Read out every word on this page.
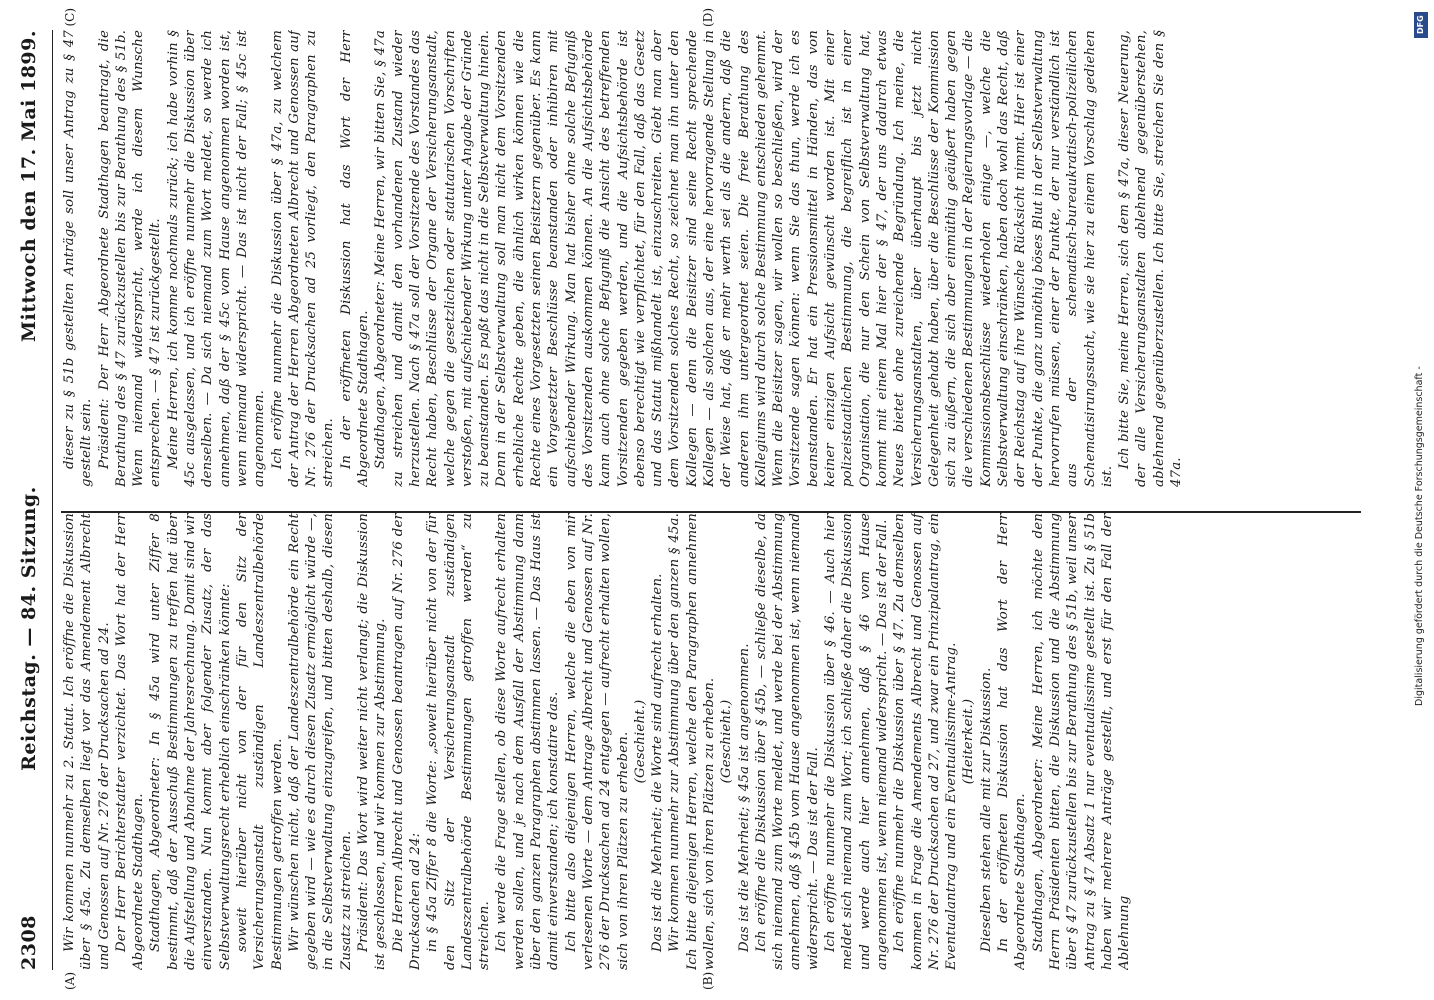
2308
Reichstag. — 84. Sitzung.
Mittwoch den 17. Mai 1899.

Wir kommen nunmehr zu 2. Statut. Ich eröffne die Diskussion über § 45a. Zu demselben liegt vor das Amendement Albrecht und Genossen auf Nr. 276 der Drucksachen ad 24. Der Herr Berichterstatter verzichtet. Das Wort hat der Herr Abgeordnete Stadthagen. Stadthagen, Abgeordneter: In § 45a wird unter Ziffer 8 bestimmt, daß der Ausschuß Bestimmungen zu treffen hat über die Aufstellung und Abnahme der Jahresrechnung. Damit sind wir einverstanden. Nun kommt aber folgender Zusatz, der das Selbstverwaltungsrecht erheblich einschränken könnte: soweit hierüber nicht von der für den Sitz der Versicherungsanstalt zuständigen Landeszentralbehörde Bestimmungen getroffen werden. Wir wünschen nicht, daß der Landeszentralbehörde ein Recht gegeben wird — wie es durch diesen Zusatz ermöglicht würde —, in die Selbstverwaltung einzugreifen, und bitten deshalb, diesen Zusatz zu streichen. Präsident: Das Wort wird weiter nicht verlangt; die Diskussion ist geschlossen, und wir kommen zur Abstimmung. Die Herren Albrecht und Genossen beantragen auf Nr. 276 der Drucksachen ad 24: in § 45a Ziffer 8 die Worte: „soweit hierüber nicht von der für den Sitz der Versicherungsanstalt zuständigen Landeszentralbehörde Bestimmungen getroffen werden“ zu streichen. Ich werde die Frage stellen, ob diese Worte aufrecht erhalten werden sollen, und je nach dem Ausfall der Abstimmung dann über den ganzen Paragraphen abstimmen lassen. — Das Haus ist damit einverstanden; ich konstatire das. Ich bitte also diejenigen Herren, welche die eben von mir verlesenen Worte — dem Antrage Albrecht und Genossen auf Nr. 276 der Drucksachen ad 24 entgegen — aufrecht erhalten wollen, sich von ihren Plätzen zu erheben. (Geschieht.) Das ist die Mehrheit; die Worte sind aufrecht erhalten. Wir kommen nunmehr zur Abstimmung über den ganzen § 45a. Ich bitte diejenigen Herren, welche den Paragraphen annehmen wollen, sich von ihren Plätzen zu erheben. (Geschieht.) Das ist die Mehrheit; § 45a ist angenommen. Ich eröffne die Diskussion über § 45b, — schließe dieselbe, da sich niemand zum Worte meldet, und werde bei der Abstimmung annehmen, daß § 45b vom Hause angenommen ist, wenn niemand widerspricht. — Das ist der Fall. Ich eröffne nunmehr die Diskussion über § 46. — Auch hier meldet sich niemand zum Wort; ich schließe daher die Diskussion und werde auch hier annehmen, daß § 46 vom Hause angenommen ist, wenn niemand widerspricht. — Das ist der Fall. Ich eröffne nunmehr die Diskussion über § 47. Zu demselben kommen in Frage die Amendements Albrecht und Genossen auf Nr. 276 der Drucksachen ad 27, und zwar ein Prinzipalantrag, ein Eventualantrag und ein Eventualissime-Antrag. (Heiterkeit.) Dieselben stehen alle mit zur Diskussion. In der eröffneten Diskussion hat das Wort der Herr Abgeordnete Stadthagen. Stadthagen, Abgeordneter: Meine Herren, ich möchte den Herrn Präsidenten bitten, die Diskussion und die Abstimmung über § 47 zurückzustellen bis zur Berathung des § 51b, weil unser Antrag zu § 47 Absatz 1 nur eventualissime gestellt ist. Zu § 51b haben wir mehrere Anträge gestellt, und erst für den Fall der Ablehnung

dieser zu § 51b gestellten Anträge soll unser Antrag zu § 47 gestellt sein. Präsident: Der Herr Abgeordnete Stadthagen beantragt, die Berathung des § 47 zurückzustellen bis zur Berathung des § 51b. Wenn niemand widerspricht, werde ich diesem Wunsche entsprechen. — § 47 ist zurückgestellt. Meine Herren, ich komme nochmals zurück; ich habe vorhin § 45c ausgelassen, und ich eröffne nunmehr die Diskussion über denselben. — Da sich niemand zum Wort meldet, so werde ich annehmen, daß der § 45c vom Hause angenommen worden ist, wenn niemand widerspricht. — Das ist nicht der Fall; § 45c ist angenommen. Ich eröffne nunmehr die Diskussion über § 47a, zu welchem der Antrag der Herren Abgeordneten Albrecht und Genossen auf Nr. 276 der Drucksachen ad 25 vorliegt, den Paragraphen zu streichen. In der eröffneten Diskussion hat das Wort der Herr Abgeordnete Stadthagen. Stadthagen, Abgeordneter: Meine Herren, wir bitten Sie, § 47a zu streichen und damit den vorhandenen Zustand wieder herzustellen. Nach § 47a soll der Vorsitzende des Vorstandes das Recht haben, Beschlüsse der Organe der Versicherungsanstalt, welche gegen die gesetzlichen oder statutarischen Vorschriften verstoßen, mit aufschiebender Wirkung unter Angabe der Gründe zu beanstanden. Es paßt das nicht in die Selbstverwaltung hinein. Denn in der Selbstverwaltung soll man nicht dem Vorsitzenden erhebliche Rechte geben, die ähnlich wirken können wie die Rechte eines Vorgesetzten seinen Beisitzern gegenüber. Es kann ein Vorgesetzter Beschlüsse beanstanden oder inhibiren mit aufschiebender Wirkung. Man hat bisher ohne solche Befugniß des Vorsitzenden auskommen können. An die Aufsichtsbehörde kann auch ohne solche Befugniß die Ansicht des betreffenden Vorsitzenden gegeben werden, und die Aufsichtsbehörde ist ebenso berechtigt wie verpflichtet, für den Fall, daß das Gesetz und das Statut mißhandelt ist, einzuschreiten. Giebt man aber dem Vorsitzenden solches Recht, so zeichnet man ihn unter den Kollegen — denn die Beisitzer sind seine Recht sprechende Kollegen — als solchen aus, der eine hervorragende Stellung in der Weise hat, daß er mehr werth sei als die andern, daß die anderen ihm untergeordnet seien. Die freie Berathung des Kollegiums wird durch solche Bestimmung entschieden gehemmt. Wenn die Beisitzer sagen, wir wollen so beschließen, wird der Vorsitzende sagen können: wenn Sie das thun, werde ich es beanstanden. Er hat ein Pressionsmittel in Händen, das von keiner einzigen Aufsicht gewünscht worden ist. Mit einer polizeistaatlichen Bestimmung, die begreiflich ist in einer Organisation, die nur den Schein von Selbstverwaltung hat, kommt mit einem Mal hier der § 47, der uns dadurch etwas Neues bietet ohne zureichende Begründung. Ich meine, die Versicherungsanstalten, über überhaupt bis jetzt nicht Gelegenheit gehabt haben, über die Beschlüsse der Kommission sich zu äußern, die sich aber einmüthig geäußert haben gegen die verschiedenen Bestimmungen in der Regierungsvorlage — die Kommissionsbeschlüsse wiederholen einige —, welche die Selbstverwaltung einschränken, haben doch wohl das Recht, daß der Reichstag auf ihre Wünsche Rücksicht nimmt. Hier ist einer der Punkte, die ganz unnöthig böses Blut in der Selbstverwaltung hervorrufen müssen, einer der Punkte, der nur verständlich ist aus der schematisch-bureaukratisch-polizeilichen Schematisirungssucht, wie sie hier zu einem Vorschlag gediehen ist.

Ich bitte Sie, meine Herren, sich dem § 47a, dieser Neuerung, der alle Versicherungsanstalten ablehnend gegenüberstehen, ablehnend gegenüberzustellen. Ich bitte Sie, streichen Sie den § 47a.

(A)	(B)
(C)	(D)	DFG
Digitalisierung gefördert durch die Deutsche Forschungsgemeinschaft -
